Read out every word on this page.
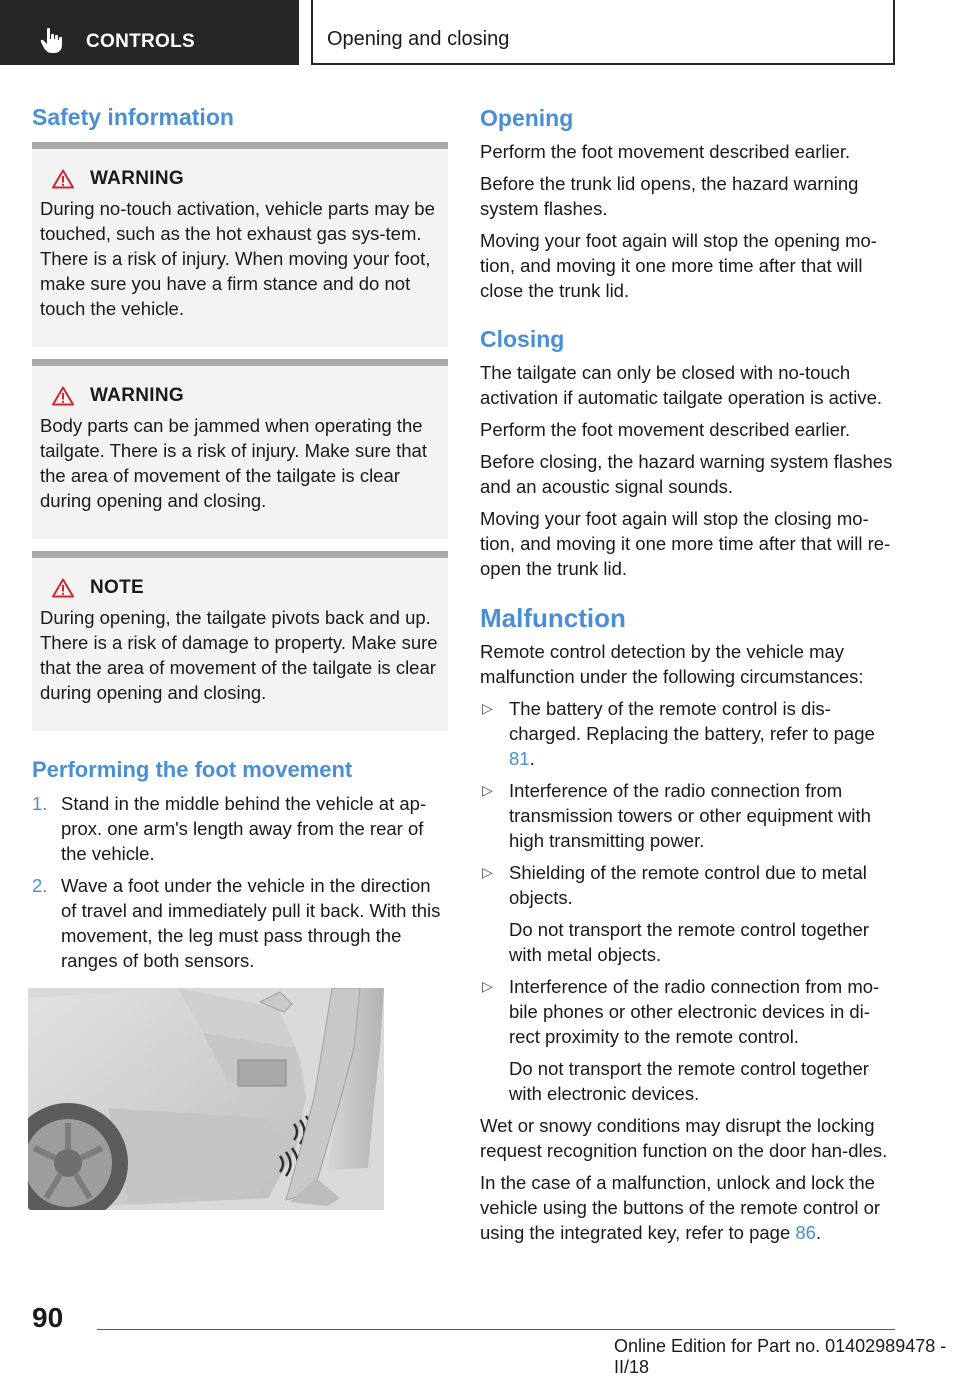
CONTROLS	Opening and closing
Safety information
WARNING

During no-touch activation, vehicle parts may be touched, such as the hot exhaust gas sys-tem. There is a risk of injury. When moving your foot, make sure you have a firm stance and do not touch the vehicle.

WARNING

Body parts can be jammed when operating the tailgate. There is a risk of injury. Make sure that the area of movement of the tailgate is clear during opening and closing.

NOTE

During opening, the tailgate pivots back and up. There is a risk of damage to property. Make sure that the area of movement of the tailgate is clear during opening and closing.

Performing the foot movement
1. Stand in the middle behind the vehicle at ap-prox. one arm's length away from the rear of the vehicle.
2. Wave a foot under the vehicle in the direction of travel and immediately pull it back. With this movement, the leg must pass through the ranges of both sensors.
Opening

Perform the foot movement described earlier.

Before the trunk lid opens, the hazard warning system flashes.

Moving your foot again will stop the opening mo-tion, and moving it one more time after that will close the trunk lid.

Closing

The tailgate can only be closed with no-touch activation if automatic tailgate operation is active.

Perform the foot movement described earlier.

Before closing, the hazard warning system flashes and an acoustic signal sounds.

Moving your foot again will stop the closing mo-tion, and moving it one more time after that will re-open the trunk lid.

Malfunction

Remote control detection by the vehicle may malfunction under the following circumstances:

▷ The battery of the remote control is dis-charged. Replacing the battery, refer to page 81.
▷ Interference of the radio connection from transmission towers or other equipment with high transmitting power.
▷ Shielding of the remote control due to metal objects.
Do not transport the remote control together with metal objects.
▷ Interference of the radio connection from mo-bile phones or other electronic devices in di-rect proximity to the remote control.
Do not transport the remote control together with electronic devices.

Wet or snowy conditions may disrupt the locking request recognition function on the door han-dles.

In the case of a malfunction, unlock and lock the vehicle using the buttons of the remote control or using the integrated key, refer to page 86.

90
Online Edition for Part no. 01402989478 - II/18
